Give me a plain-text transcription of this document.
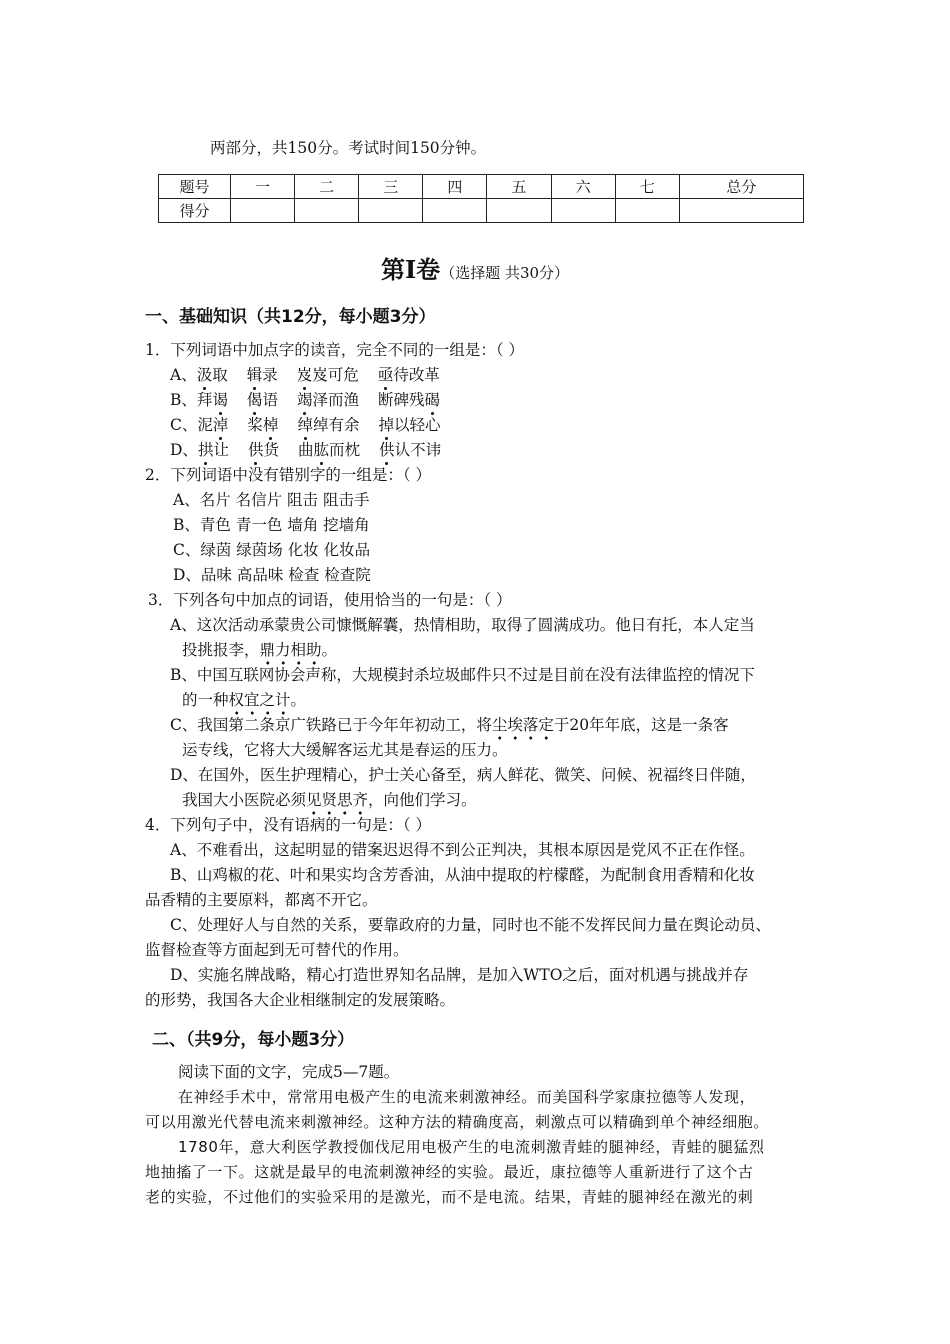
两部分，共150分。考试时间150分钟。
题号	一	二	三	四	五	六	七	总分
得分								
第Ⅰ卷（选择题 共30分）
一、基础知识（共12分，每小题3分）
1．下列词语中加点字的读音，完全不同的一组是：（ ）
A、汲取 辑录 岌岌可危 亟待改革
B、拜谒 偈语 竭泽而渔 断碑残碣
C、泥淖 桨棹 绰绰有余 掉以轻心
D、拱让 供货 曲肱而枕 供认不讳
2．下列词语中没有错别字的一组是：（ ）
A、名片 名信片 阻击 阻击手
B、青色 青一色 墙角 挖墙角
C、绿茵 绿茵场 化妆 化妆品
D、品味 高品味 检查 检查院
3．下列各句中加点的词语，使用恰当的一句是：（ ）
A、这次活动承蒙贵公司慷慨解囊，热情相助，取得了圆满成功。他日有托，本人定当
投挑报李，鼎力相助。
B、中国互联网协会声称，大规模封杀垃圾邮件只不过是目前在没有法律监控的情况下
的一种权宜之计。
C、我国第二条京广铁路已于今年年初动工，将尘埃落定于20年年底，这是一条客
运专线，它将大大缓解客运尤其是春运的压力。
D、在国外，医生护理精心，护士关心备至，病人鲜花、微笑、问候、祝福终日伴随，
我国大小医院必须见贤思齐，向他们学习。
4．下列句子中，没有语病的一句是：（ ）
A、不难看出，这起明显的错案迟迟得不到公正判决，其根本原因是党风不正在作怪。
B、山鸡椒的花、叶和果实均含芳香油，从油中提取的柠檬醛，为配制食用香精和化妆
品香精的主要原料，都离不开它。
C、处理好人与自然的关系，要靠政府的力量，同时也不能不发挥民间力量在舆论动员、
监督检查等方面起到无可替代的作用。
D、实施名牌战略，精心打造世界知名品牌，是加入WTO之后，面对机遇与挑战并存
的形势，我国各大企业相继制定的发展策略。
二、（共9分，每小题3分）
阅读下面的文字，完成5—7题。
在神经手术中，常常用电极产生的电流来刺激神经。而美国科学家康拉德等人发现，
可以用激光代替电流来刺激神经。这种方法的精确度高，刺激点可以精确到单个神经细胞。
1780年，意大利医学教授伽伐尼用电极产生的电流刺激青蛙的腿神经，青蛙的腿猛烈
地抽搐了一下。这就是最早的电流刺激神经的实验。最近，康拉德等人重新进行了这个古
老的实验，不过他们的实验采用的是激光，而不是电流。结果，青蛙的腿神经在激光的刺
